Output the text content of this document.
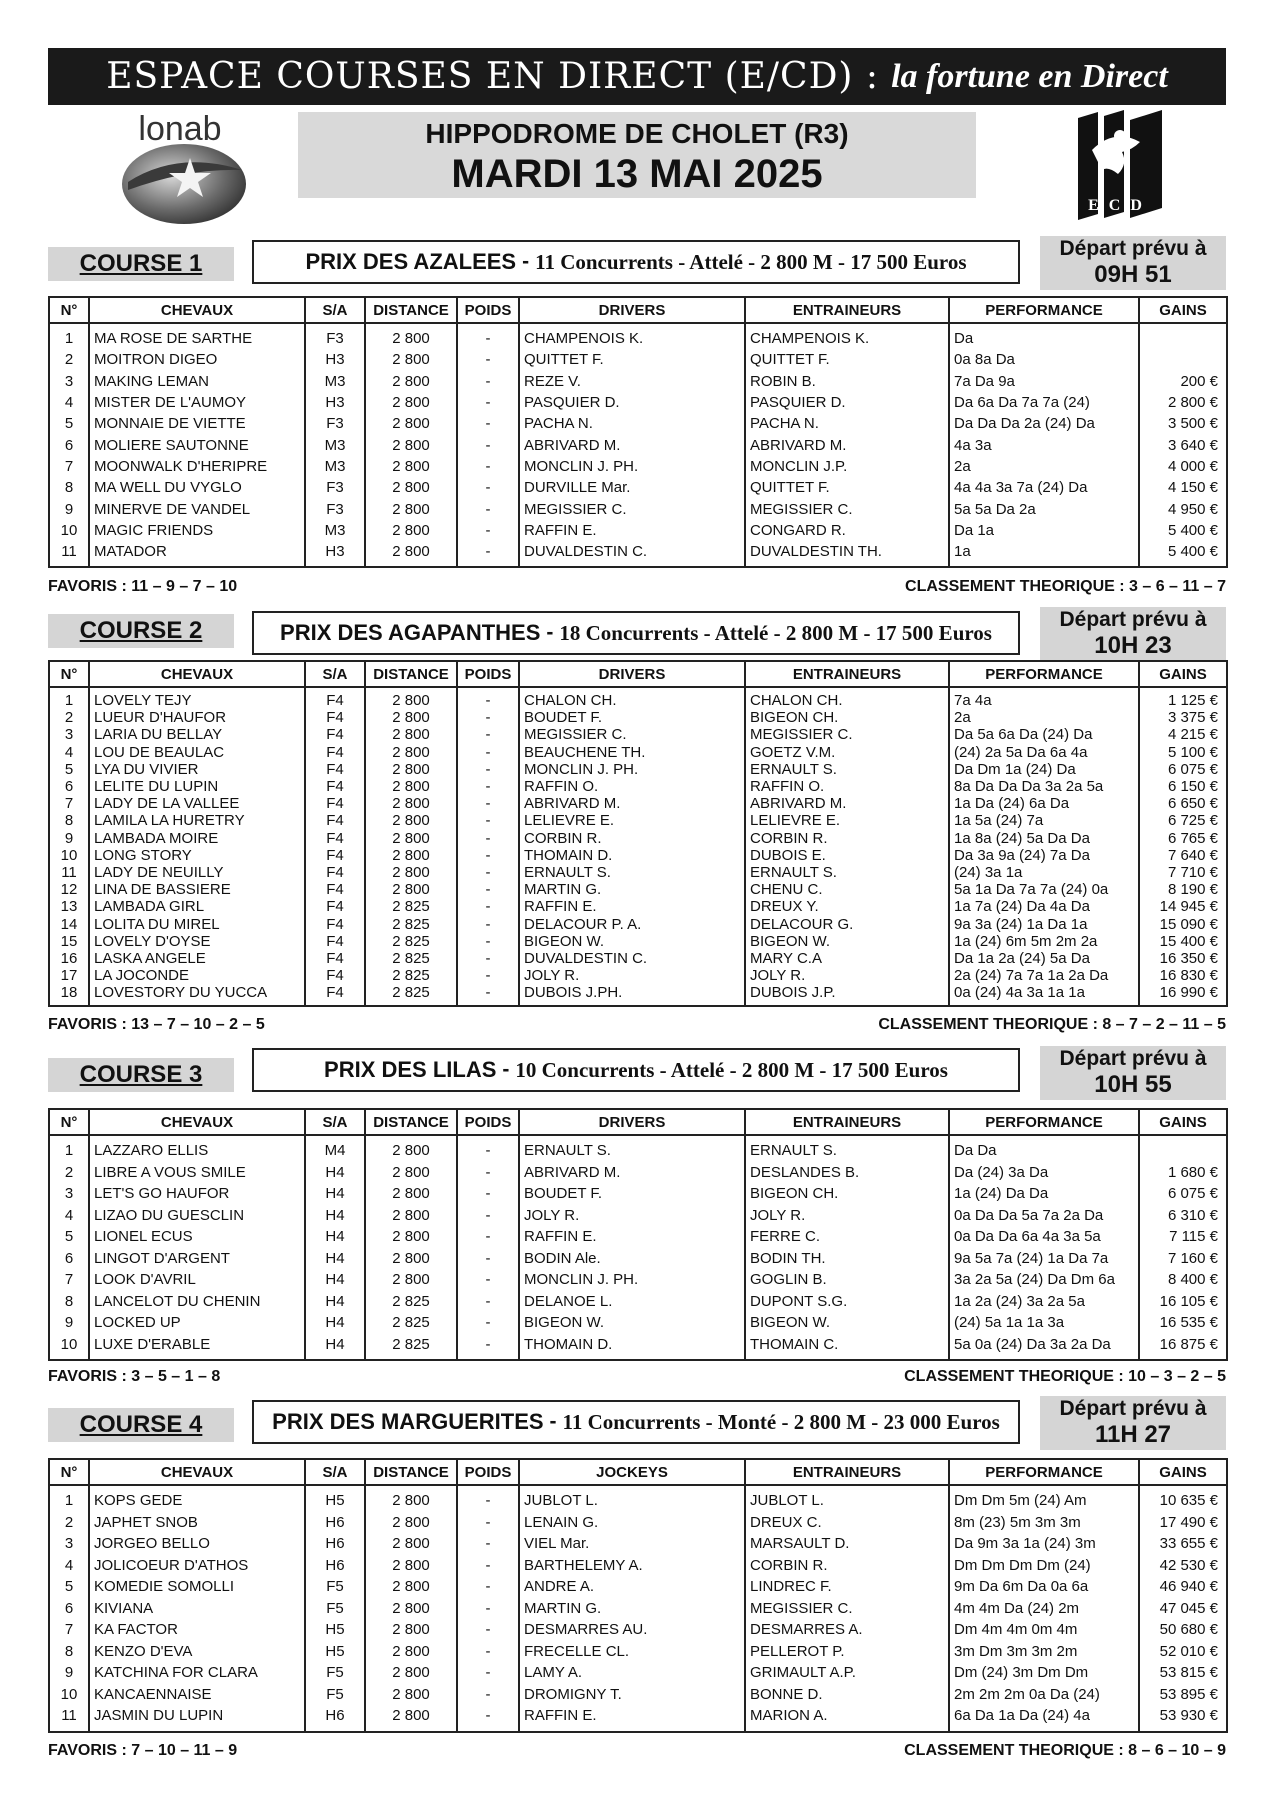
ESPACE COURSES EN DIRECT (E/CD) : la fortune en Direct
lonab	HIPPODROME DE CHOLET (R3)
MARDI 13 MAI 2025
ECD
COURSE 1	PRIX DES AZALEES - 11 Concurrents - Attelé - 2 800 M - 17 500 Euros
Départ prévu à
09H 51
N°	CHEVAUX	S/A	DISTANCE	POIDS	DRIVERS	ENTRAINEURS	PERFORMANCE	GAINS
1	MA ROSE DE SARTHE	F3	2 800	-	CHAMPENOIS K.	CHAMPENOIS K.	Da	
2	MOITRON DIGEO	H3	2 800	-	QUITTET F.	QUITTET F.	0a 8a Da	
3	MAKING LEMAN	M3	2 800	-	REZE V.	ROBIN B.	7a Da 9a	200 €
4	MISTER DE L'AUMOY	H3	2 800	-	PASQUIER D.	PASQUIER D.	Da 6a Da 7a 7a (24)	2 800 €
5	MONNAIE DE VIETTE	F3	2 800	-	PACHA N.	PACHA N.	Da Da Da 2a (24) Da	3 500 €
6	MOLIERE SAUTONNE	M3	2 800	-	ABRIVARD M.	ABRIVARD M.	4a 3a	3 640 €
7	MOONWALK D'HERIPRE	M3	2 800	-	MONCLIN J. PH.	MONCLIN J.P.	2a	4 000 €
8	MA WELL DU VYGLO	F3	2 800	-	DURVILLE Mar.	QUITTET F.	4a 4a 3a 7a (24) Da	4 150 €
9	MINERVE DE VANDEL	F3	2 800	-	MEGISSIER C.	MEGISSIER C.	5a 5a Da 2a	4 950 €
10	MAGIC FRIENDS	M3	2 800	-	RAFFIN E.	CONGARD R.	Da 1a	5 400 €
11	MATADOR	H3	2 800	-	DUVALDESTIN C.	DUVALDESTIN TH.	1a	5 400 €
FAVORIS : 11 – 9 – 7 – 10	CLASSEMENT THEORIQUE : 3 – 6 – 11 – 7
COURSE 2	PRIX DES AGAPANTHES - 18 Concurrents - Attelé - 2 800 M - 17 500 Euros
Départ prévu à
10H 23
N°	CHEVAUX	S/A	DISTANCE	POIDS	DRIVERS	ENTRAINEURS	PERFORMANCE	GAINS
1	LOVELY TEJY	F4	2 800	-	CHALON CH.	CHALON CH.	7a 4a	1 125 €
2	LUEUR D'HAUFOR	F4	2 800	-	BOUDET F.	BIGEON CH.	2a	3 375 €
3	LARIA DU BELLAY	F4	2 800	-	MEGISSIER C.	MEGISSIER C.	Da 5a 6a Da (24) Da	4 215 €
4	LOU DE BEAULAC	F4	2 800	-	BEAUCHENE TH.	GOETZ V.M.	(24) 2a 5a Da 6a 4a	5 100 €
5	LYA DU VIVIER	F4	2 800	-	MONCLIN J. PH.	ERNAULT S.	Da Dm 1a (24) Da	6 075 €
6	LELITE DU LUPIN	F4	2 800	-	RAFFIN O.	RAFFIN O.	8a Da Da Da 3a 2a 5a	6 150 €
7	LADY DE LA VALLEE	F4	2 800	-	ABRIVARD M.	ABRIVARD M.	1a Da (24) 6a Da	6 650 €
8	LAMILA LA HURETRY	F4	2 800	-	LELIEVRE E.	LELIEVRE E.	1a 5a (24) 7a	6 725 €
9	LAMBADA MOIRE	F4	2 800	-	CORBIN R.	CORBIN R.	1a 8a (24) 5a Da Da	6 765 €
10	LONG STORY	F4	2 800	-	THOMAIN D.	DUBOIS E.	Da 3a 9a (24) 7a Da	7 640 €
11	LADY DE NEUILLY	F4	2 800	-	ERNAULT S.	ERNAULT S.	(24) 3a 1a	7 710 €
12	LINA DE BASSIERE	F4	2 800	-	MARTIN G.	CHENU C.	5a 1a Da 7a 7a (24) 0a	8 190 €
13	LAMBADA GIRL	F4	2 825	-	RAFFIN E.	DREUX Y.	1a 7a (24) Da 4a Da	14 945 €
14	LOLITA DU MIREL	F4	2 825	-	DELACOUR P. A.	DELACOUR G.	9a 3a (24) 1a Da 1a	15 090 €
15	LOVELY D'OYSE	F4	2 825	-	BIGEON W.	BIGEON W.	1a (24) 6m 5m 2m 2a	15 400 €
16	LASKA ANGELE	F4	2 825	-	DUVALDESTIN C.	MARY C.A	Da 1a 2a (24) 5a Da	16 350 €
17	LA JOCONDE	F4	2 825	-	JOLY R.	JOLY R.	2a (24) 7a 7a 1a 2a Da	16 830 €
18	LOVESTORY DU YUCCA	F4	2 825	-	DUBOIS J.PH.	DUBOIS J.P.	0a (24) 4a 3a 1a 1a	16 990 €
FAVORIS : 13 – 7 – 10 – 2 – 5	CLASSEMENT THEORIQUE : 8 – 7 – 2 – 11 – 5
COURSE 3	PRIX DES LILAS - 10 Concurrents - Attelé - 2 800 M - 17 500 Euros	Départ prévu à
10H 55
N°	CHEVAUX	S/A	DISTANCE	POIDS	DRIVERS	ENTRAINEURS	PERFORMANCE	GAINS
1	LAZZARO ELLIS	M4	2 800	-	ERNAULT S.	ERNAULT S.	Da Da	
2	LIBRE A VOUS SMILE	H4	2 800	-	ABRIVARD M.	DESLANDES B.	Da (24) 3a Da	1 680 €
3	LET'S GO HAUFOR	H4	2 800	-	BOUDET F.	BIGEON CH.	1a (24) Da Da	6 075 €
4	LIZAO DU GUESCLIN	H4	2 800	-	JOLY R.	JOLY R.	0a Da Da 5a 7a 2a Da	6 310 €
5	LIONEL ECUS	H4	2 800	-	RAFFIN E.	FERRE C.	0a Da Da 6a 4a 3a 5a	7 115 €
6	LINGOT D'ARGENT	H4	2 800	-	BODIN Ale.	BODIN TH.	9a 5a 7a (24) 1a Da 7a	7 160 €
7	LOOK D'AVRIL	H4	2 800	-	MONCLIN J. PH.	GOGLIN B.	3a 2a 5a (24) Da Dm 6a	8 400 €
8	LANCELOT DU CHENIN	H4	2 825	-	DELANOE L.	DUPONT S.G.	1a 2a (24) 3a 2a 5a	16 105 €
9	LOCKED UP	H4	2 825	-	BIGEON W.	BIGEON W.	(24) 5a 1a 1a 3a	16 535 €
10	LUXE D'ERABLE	H4	2 825	-	THOMAIN D.	THOMAIN C.	5a 0a (24) Da 3a 2a Da	16 875 €
FAVORIS : 3 – 5 – 1 – 8	CLASSEMENT THEORIQUE : 10 – 3 – 2 – 5
COURSE 4	PRIX DES MARGUERITES - 11 Concurrents - Monté - 2 800 M - 23 000 Euros
Départ prévu à
11H 27
N°	CHEVAUX	S/A	DISTANCE	POIDS	JOCKEYS	ENTRAINEURS	PERFORMANCE	GAINS
1	KOPS GEDE	H5	2 800	-	JUBLOT L.	JUBLOT L.	Dm Dm 5m (24) Am	10 635 €
2	JAPHET SNOB	H6	2 800	-	LENAIN G.	DREUX C.	8m (23) 5m 3m 3m	17 490 €
3	JORGEO BELLO	H6	2 800	-	VIEL Mar.	MARSAULT D.	Da 9m 3a 1a (24) 3m	33 655 €
4	JOLICOEUR D'ATHOS	H6	2 800	-	BARTHELEMY A.	CORBIN R.	Dm Dm Dm Dm (24)	42 530 €
5	KOMEDIE SOMOLLI	F5	2 800	-	ANDRE A.	LINDREC F.	9m Da 6m Da 0a 6a	46 940 €
6	KIVIANA	F5	2 800	-	MARTIN G.	MEGISSIER C.	4m 4m Da (24) 2m	47 045 €
7	KA FACTOR	H5	2 800	-	DESMARRES AU.	DESMARRES A.	Dm 4m 4m 0m 4m	50 680 €
8	KENZO D'EVA	H5	2 800	-	FRECELLE CL.	PELLEROT P.	3m Dm 3m 3m 2m	52 010 €
9	KATCHINA FOR CLARA	F5	2 800	-	LAMY A.	GRIMAULT A.P.	Dm (24) 3m Dm Dm	53 815 €
10	KANCAENNAISE	F5	2 800	-	DROMIGNY T.	BONNE D.	2m 2m 2m 0a Da (24)	53 895 €
11	JASMIN DU LUPIN	H6	2 800	-	RAFFIN E.	MARION A.	6a Da 1a Da (24) 4a	53 930 €
FAVORIS : 7 – 10 – 11 – 9	CLASSEMENT THEORIQUE : 8 – 6 – 10 – 9
